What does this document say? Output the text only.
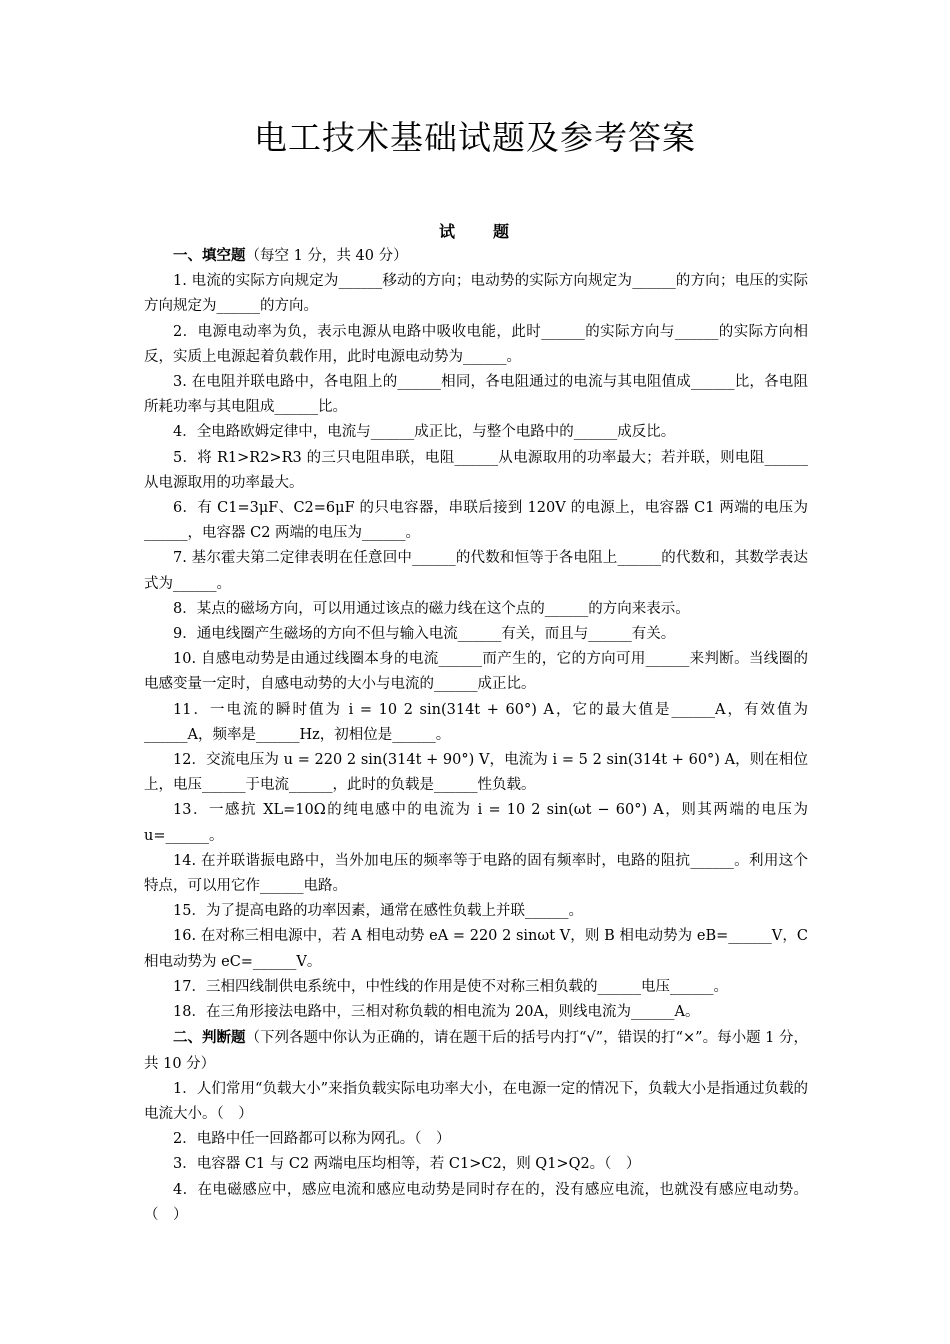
电工技术基础试题及参考答案
试　　题

一、填空题（每空 1 分，共 40 分）

1. 电流的实际方向规定为______移动的方向；电动势的实际方向规定为______的方向；电压的实际方向规定为______的方向。

2．电源电动率为负，表示电源从电路中吸收电能，此时______的实际方向与______的实际方向相反，实质上电源起着负载作用，此时电源电动势为______。

3. 在电阻并联电路中，各电阻上的______相同，各电阻通过的电流与其电阻值成______比，各电阻所耗功率与其电阻成______比。

4．全电路欧姆定律中，电流与______成正比，与整个电路中的______成反比。

5．将 R1>R2>R3 的三只电阻串联，电阻______从电源取用的功率最大；若并联，则电阻______从电源取用的功率最大。

6．有 C1=3μF、C2=6μF 的只电容器，串联后接到 120V 的电源上，电容器 C1 两端的电压为______，电容器 C2 两端的电压为______。

7. 基尔霍夫第二定律表明在任意回中______的代数和恒等于各电阻上______的代数和，其数学表达式为______。

8．某点的磁场方向，可以用通过该点的磁力线在这个点的______的方向来表示。

9．通电线圈产生磁场的方向不但与输入电流______有关，而且与______有关。

10. 自感电动势是由通过线圈本身的电流______而产生的，它的方向可用______来判断。当线圈的电感变量一定时，自感电动势的大小与电流的______成正比。

11．一电流的瞬时值为 i = 10 2 sin(314t + 60°) A，它的最大值是______A，有效值为______A，频率是______Hz，初相位是______。

12．交流电压为 u = 220 2 sin(314t + 90°) V，电流为 i = 5 2 sin(314t + 60°) A，则在相位上，电压______于电流______，此时的负载是______性负载。

13．一感抗 XL=10Ω的纯电感中的电流为 i = 10 2 sin(ωt − 60°) A，则其两端的电压为u=______。

14. 在并联谐振电路中，当外加电压的频率等于电路的固有频率时，电路的阻抗______。利用这个特点，可以用它作______电路。

15．为了提高电路的功率因素，通常在感性负载上并联______。

16. 在对称三相电源中，若 A 相电动势 eA = 220 2 sinωt V，则 B 相电动势为 eB=______V，C 相电动势为 eC=______V。

17．三相四线制供电系统中，中性线的作用是使不对称三相负载的______电压______。

18．在三角形接法电路中，三相对称负载的相电流为 20A，则线电流为______A。

二、判断题（下列各题中你认为正确的，请在题干后的括号内打“√”，错误的打“×”。每小题 1 分，共 10 分）

1．人们常用“负载大小”来指负载实际电功率大小，在电源一定的情况下，负载大小是指通过负载的电流大小。（　）

2．电路中任一回路都可以称为网孔。（　）

3．电容器 C1 与 C2 两端电压均相等，若 C1>C2，则 Q1>Q2。（　）

4．在电磁感应中，感应电流和感应电动势是同时存在的，没有感应电流，也就没有感应电动势。（　）
